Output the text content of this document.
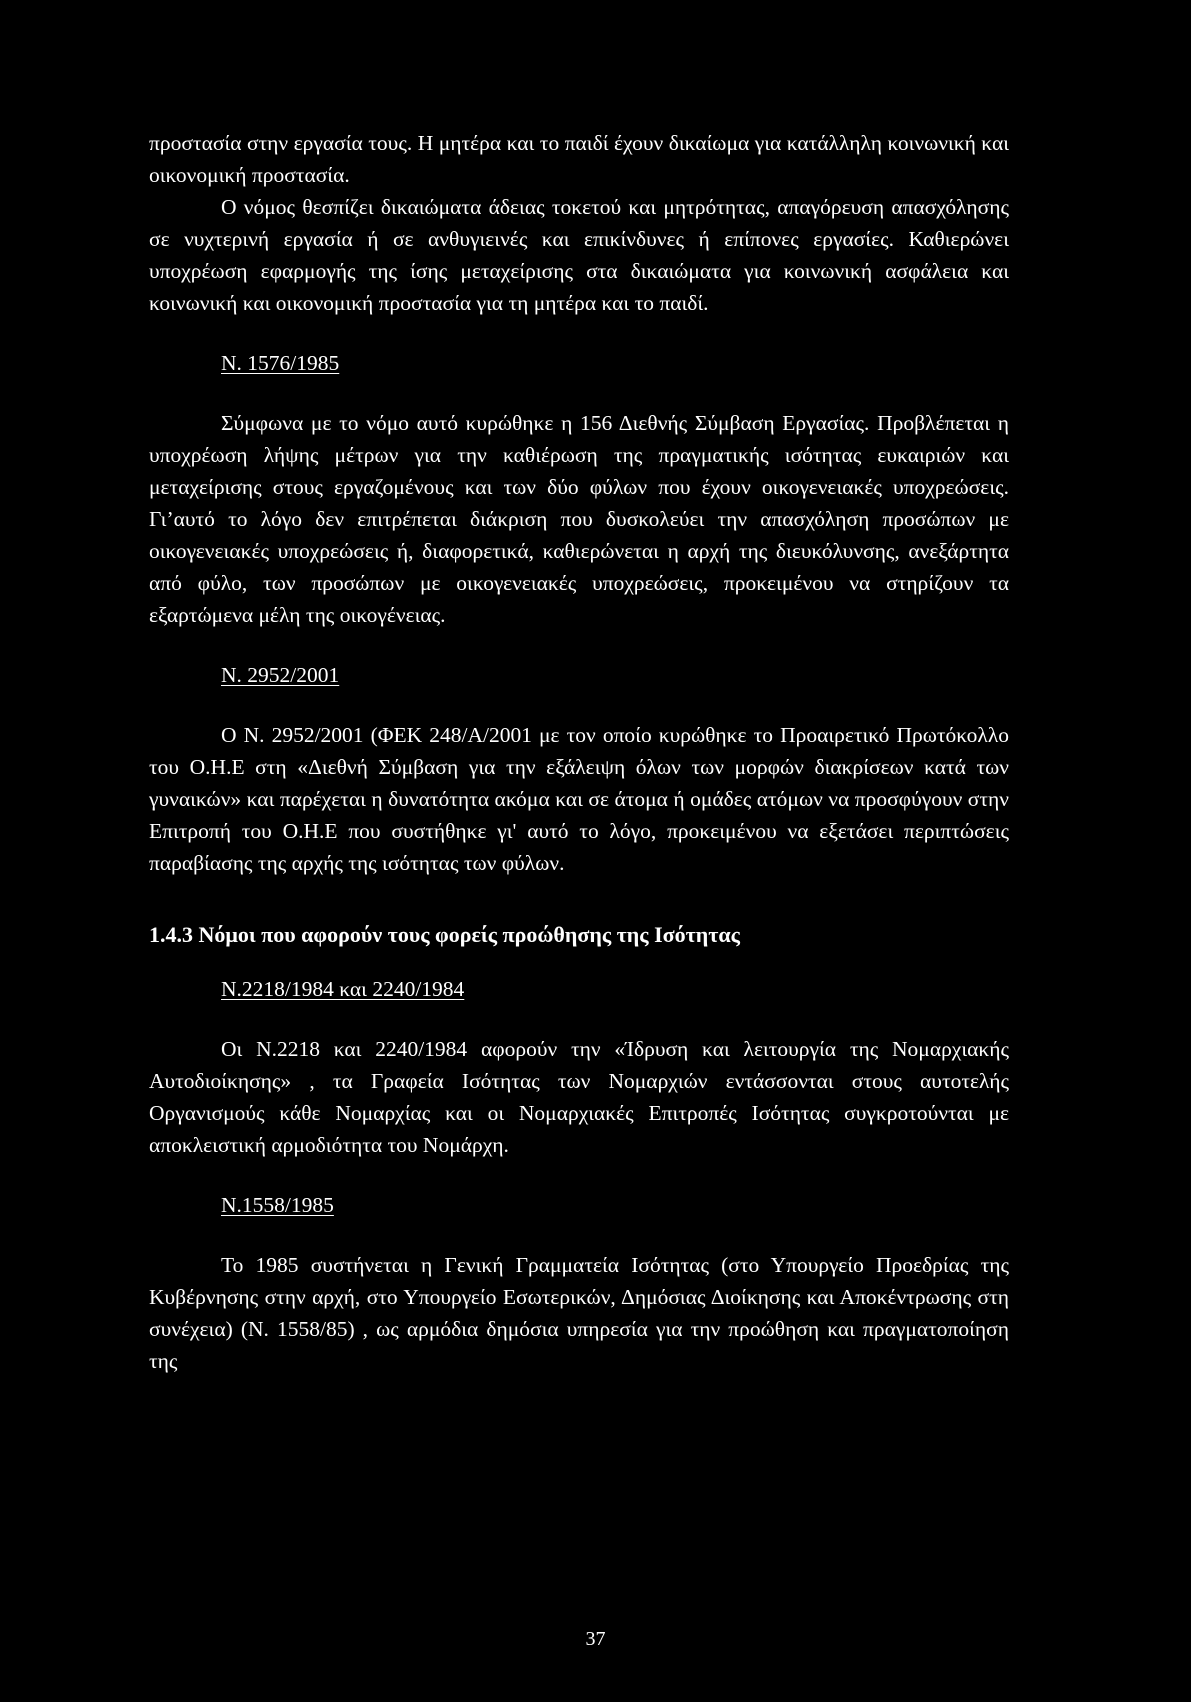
προστασία στην εργασία τους. Η μητέρα και το παιδί έχουν δικαίωμα για κατάλληλη κοινωνική και οικονομική προστασία.

Ο νόμος θεσπίζει δικαιώματα άδειας τοκετού και μητρότητας, απαγόρευση απασχόλησης σε νυχτερινή εργασία ή σε ανθυγιεινές και επικίνδυνες ή επίπονες εργασίες. Καθιερώνει υποχρέωση εφαρμογής της ίσης μεταχείρισης στα δικαιώματα για κοινωνική ασφάλεια και κοινωνική και οικονομική προστασία για τη μητέρα και το παιδί.

Ν. 1576/1985

Σύμφωνα με το νόμο αυτό κυρώθηκε η 156 Διεθνής Σύμβαση Εργασίας. Προβλέπεται η υποχρέωση λήψης μέτρων για την καθιέρωση της πραγματικής ισότητας ευκαιριών και μεταχείρισης στους εργαζομένους και των δύο φύλων που έχουν οικογενειακές υποχρεώσεις. Γι’αυτό το λόγο δεν επιτρέπεται διάκριση που δυσκολεύει την απασχόληση προσώπων με οικογενειακές υποχρεώσεις ή, διαφορετικά, καθιερώνεται η αρχή της διευκόλυνσης, ανεξάρτητα από φύλο, των προσώπων με οικογενειακές υποχρεώσεις, προκειμένου να στηρίζουν τα εξαρτώμενα μέλη της οικογένειας.

Ν. 2952/2001

Ο Ν. 2952/2001 (ΦΕΚ 248/Α/2001 με τον οποίο κυρώθηκε το Προαιρετικό Πρωτόκολλο του Ο.Η.Ε στη «Διεθνή Σύμβαση για την εξάλειψη όλων των μορφών διακρίσεων κατά των γυναικών» και παρέχεται η δυνατότητα ακόμα και σε άτομα ή ομάδες ατόμων να προσφύγουν στην Επιτροπή του Ο.Η.Ε που συστήθηκε γι' αυτό το λόγο, προκειμένου να εξετάσει περιπτώσεις παραβίασης της αρχής της ισότητας των φύλων.

1.4.3 Νόμοι που αφορούν τους φορείς προώθησης της Ισότητας

Ν.2218/1984 και 2240/1984

Οι Ν.2218 και 2240/1984 αφορούν την «Ίδρυση και λειτουργία της Νομαρχιακής Αυτοδιοίκησης» , τα Γραφεία Ισότητας των Νομαρχιών εντάσσονται στους αυτοτελής Οργανισμούς κάθε Νομαρχίας και οι Νομαρχιακές Επιτροπές Ισότητας συγκροτούνται με αποκλειστική αρμοδιότητα του Νομάρχη.

Ν.1558/1985

Το 1985 συστήνεται η Γενική Γραμματεία Ισότητας (στο Υπουργείο Προεδρίας της Κυβέρνησης στην αρχή, στο Υπουργείο Εσωτερικών, Δημόσιας Διοίκησης και Αποκέντρωσης στη συνέχεια) (Ν. 1558/85) , ως αρμόδια δημόσια υπηρεσία για την προώθηση και πραγματοποίηση της

37
